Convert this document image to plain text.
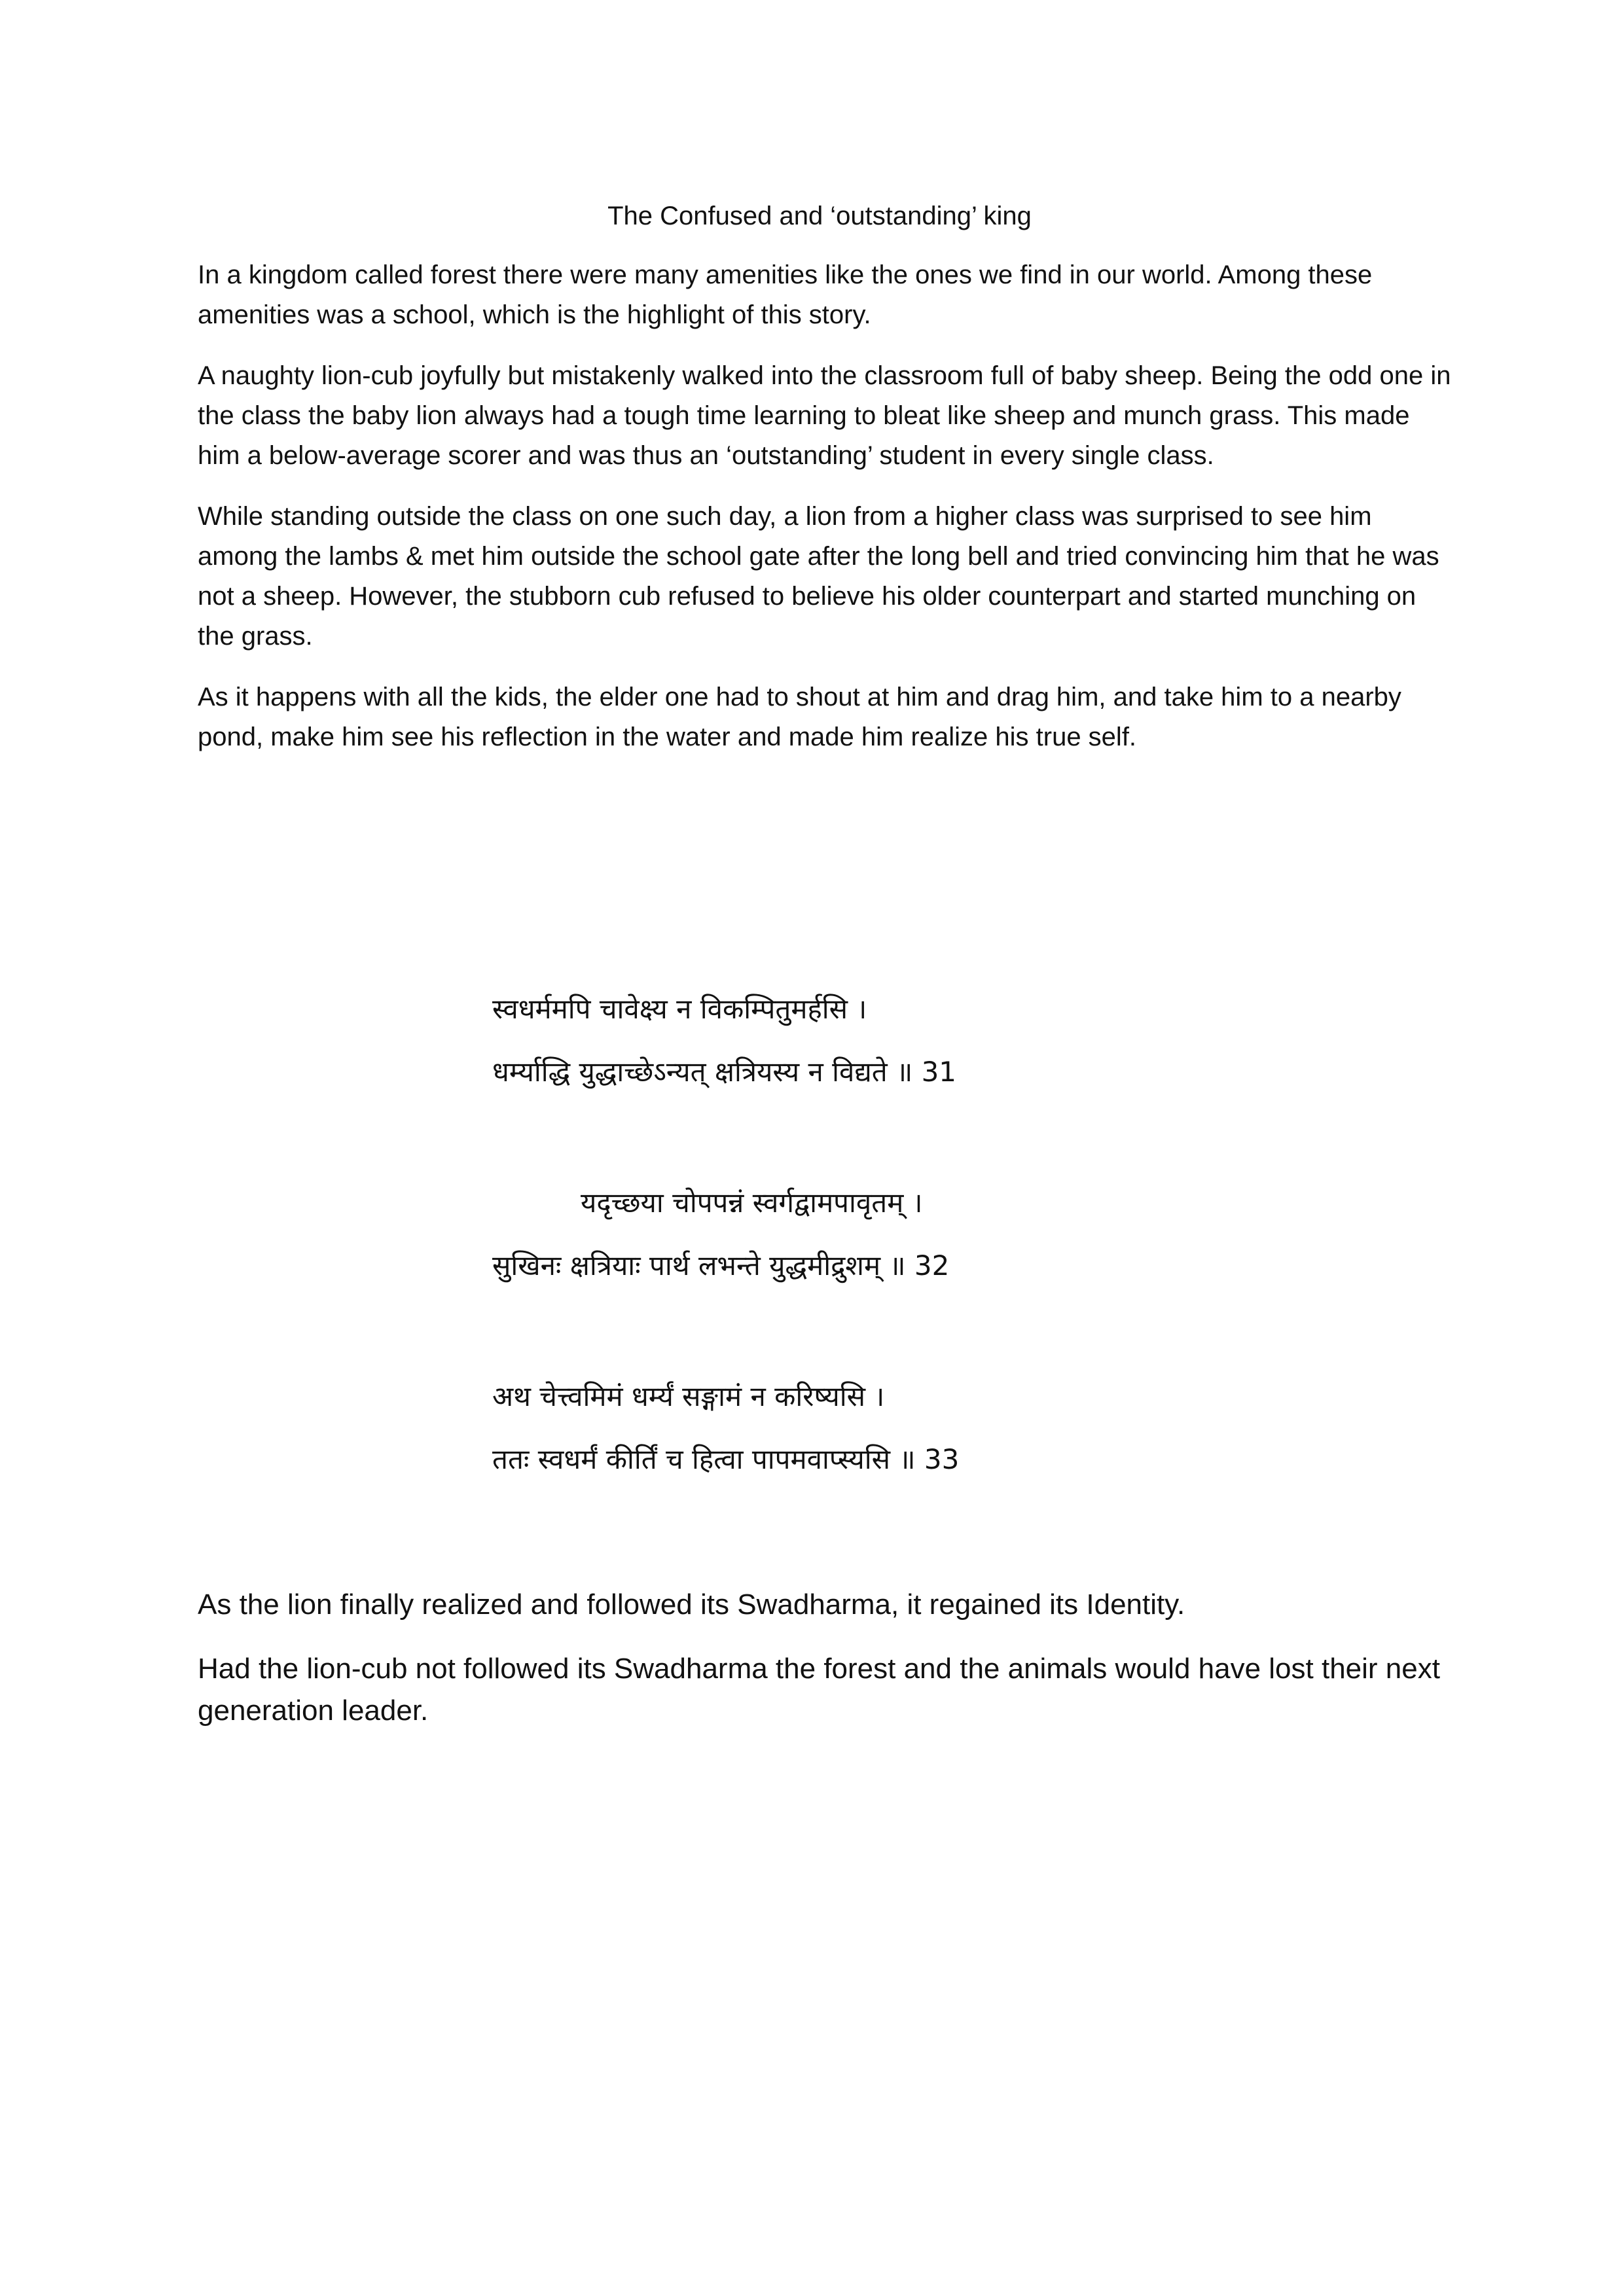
The Confused and ‘outstanding’ king

In a kingdom called forest there were many amenities like the ones we find in our world. Among these amenities was a school, which is the highlight of this story.

A naughty lion-cub joyfully but mistakenly walked into the classroom full of baby sheep. Being the odd one in the class the baby lion always had a tough time learning to bleat like sheep and munch grass. This made him a below-average scorer and was thus an ‘outstanding’ student in every single class.

While standing outside the class on one such day, a lion from a higher class was surprised to see him among the lambs & met him outside the school gate after the long bell and tried convincing him that he was not a sheep. However, the stubborn cub refused to believe his older counterpart and started munching on the grass.

As it happens with all the kids, the elder one had to shout at him and drag him, and take him to a nearby pond, make him see his reflection in the water and made him realize his true self.

स्वधर्ममपि चावेक्ष्य न विकम्पितुमर्हसि ।
धर्म्याद्धि युद्धाच्छेऽन्यत् क्षत्रियस्य न विद्यते ॥ 31
यदृच्छया चोपपन्नं स्वर्गद्वामपावृतम् ।
सुखिनः क्षत्रियाः पार्थ लभन्ते युद्धमीद्रुशम् ॥ 32
अथ चेत्त्वमिमं धर्म्यं सङ्गामं न करिष्यसि ।
ततः स्वधर्मं कीर्तिं च हित्वा पापमवाप्स्यसि ॥ 33

As the lion finally realized and followed its Swadharma, it regained its Identity.

Had the lion-cub not followed its Swadharma the forest and the animals would have lost their next generation leader.
